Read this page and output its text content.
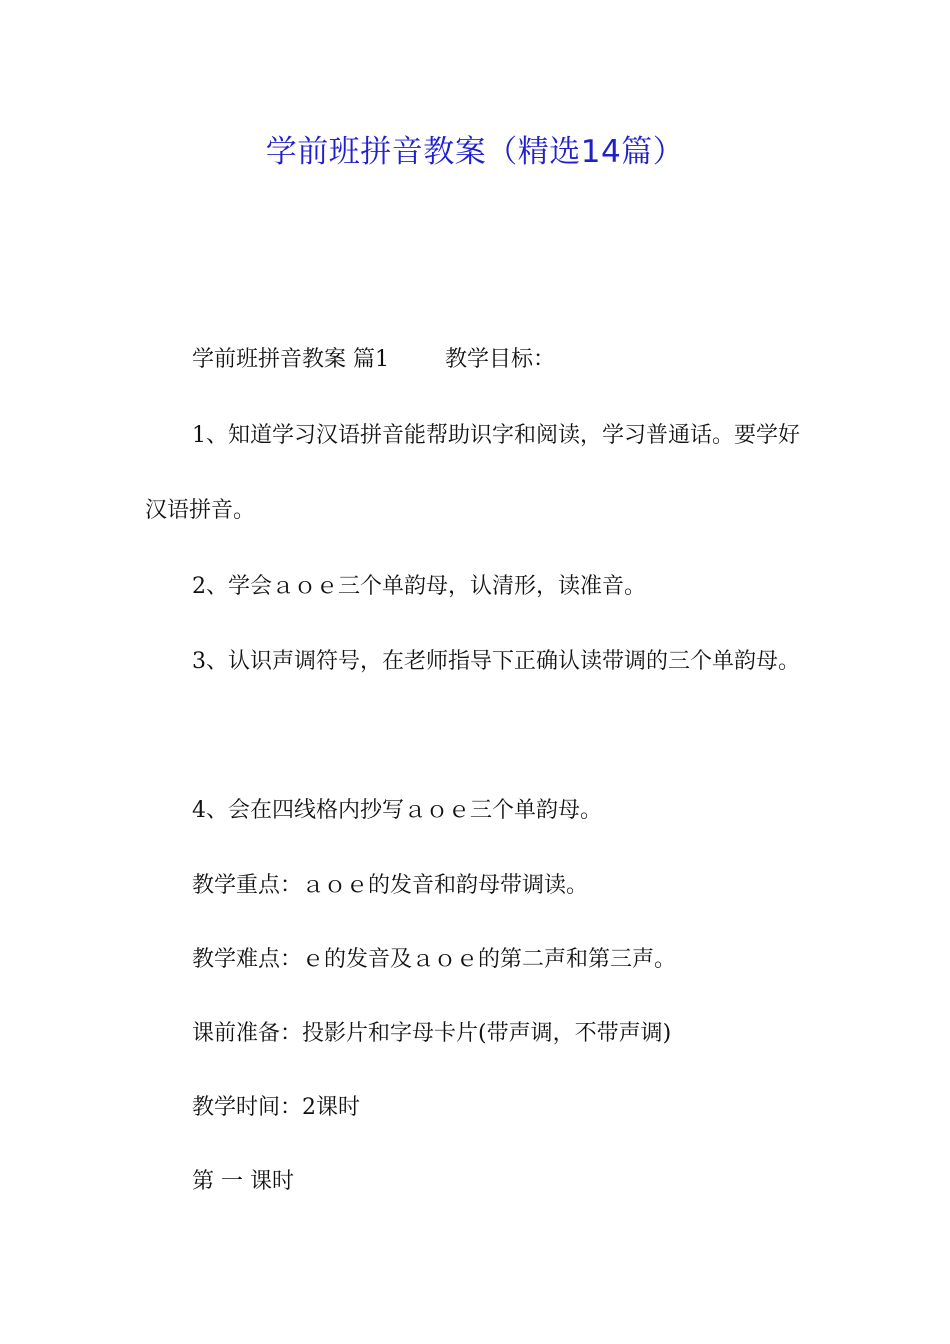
学前班拼音教案（精选14篇）

学前班拼音教案 篇1	教学目标：

1、知道学习汉语拼音能帮助识字和阅读，学习普通话。要学好汉语拼音。

2、学会ａｏｅ三个单韵母，认清形，读准音。

3、认识声调符号，在老师指导下正确认读带调的三个单韵母。

4、会在四线格内抄写ａｏｅ三个单韵母。

教学重点：ａｏｅ的发音和韵母带调读。

教学难点：ｅ的发音及ａｏｅ的第二声和第三声。

课前准备：投影片和字母卡片(带声调，不带声调)

教学时间：2课时

第 一 课时
